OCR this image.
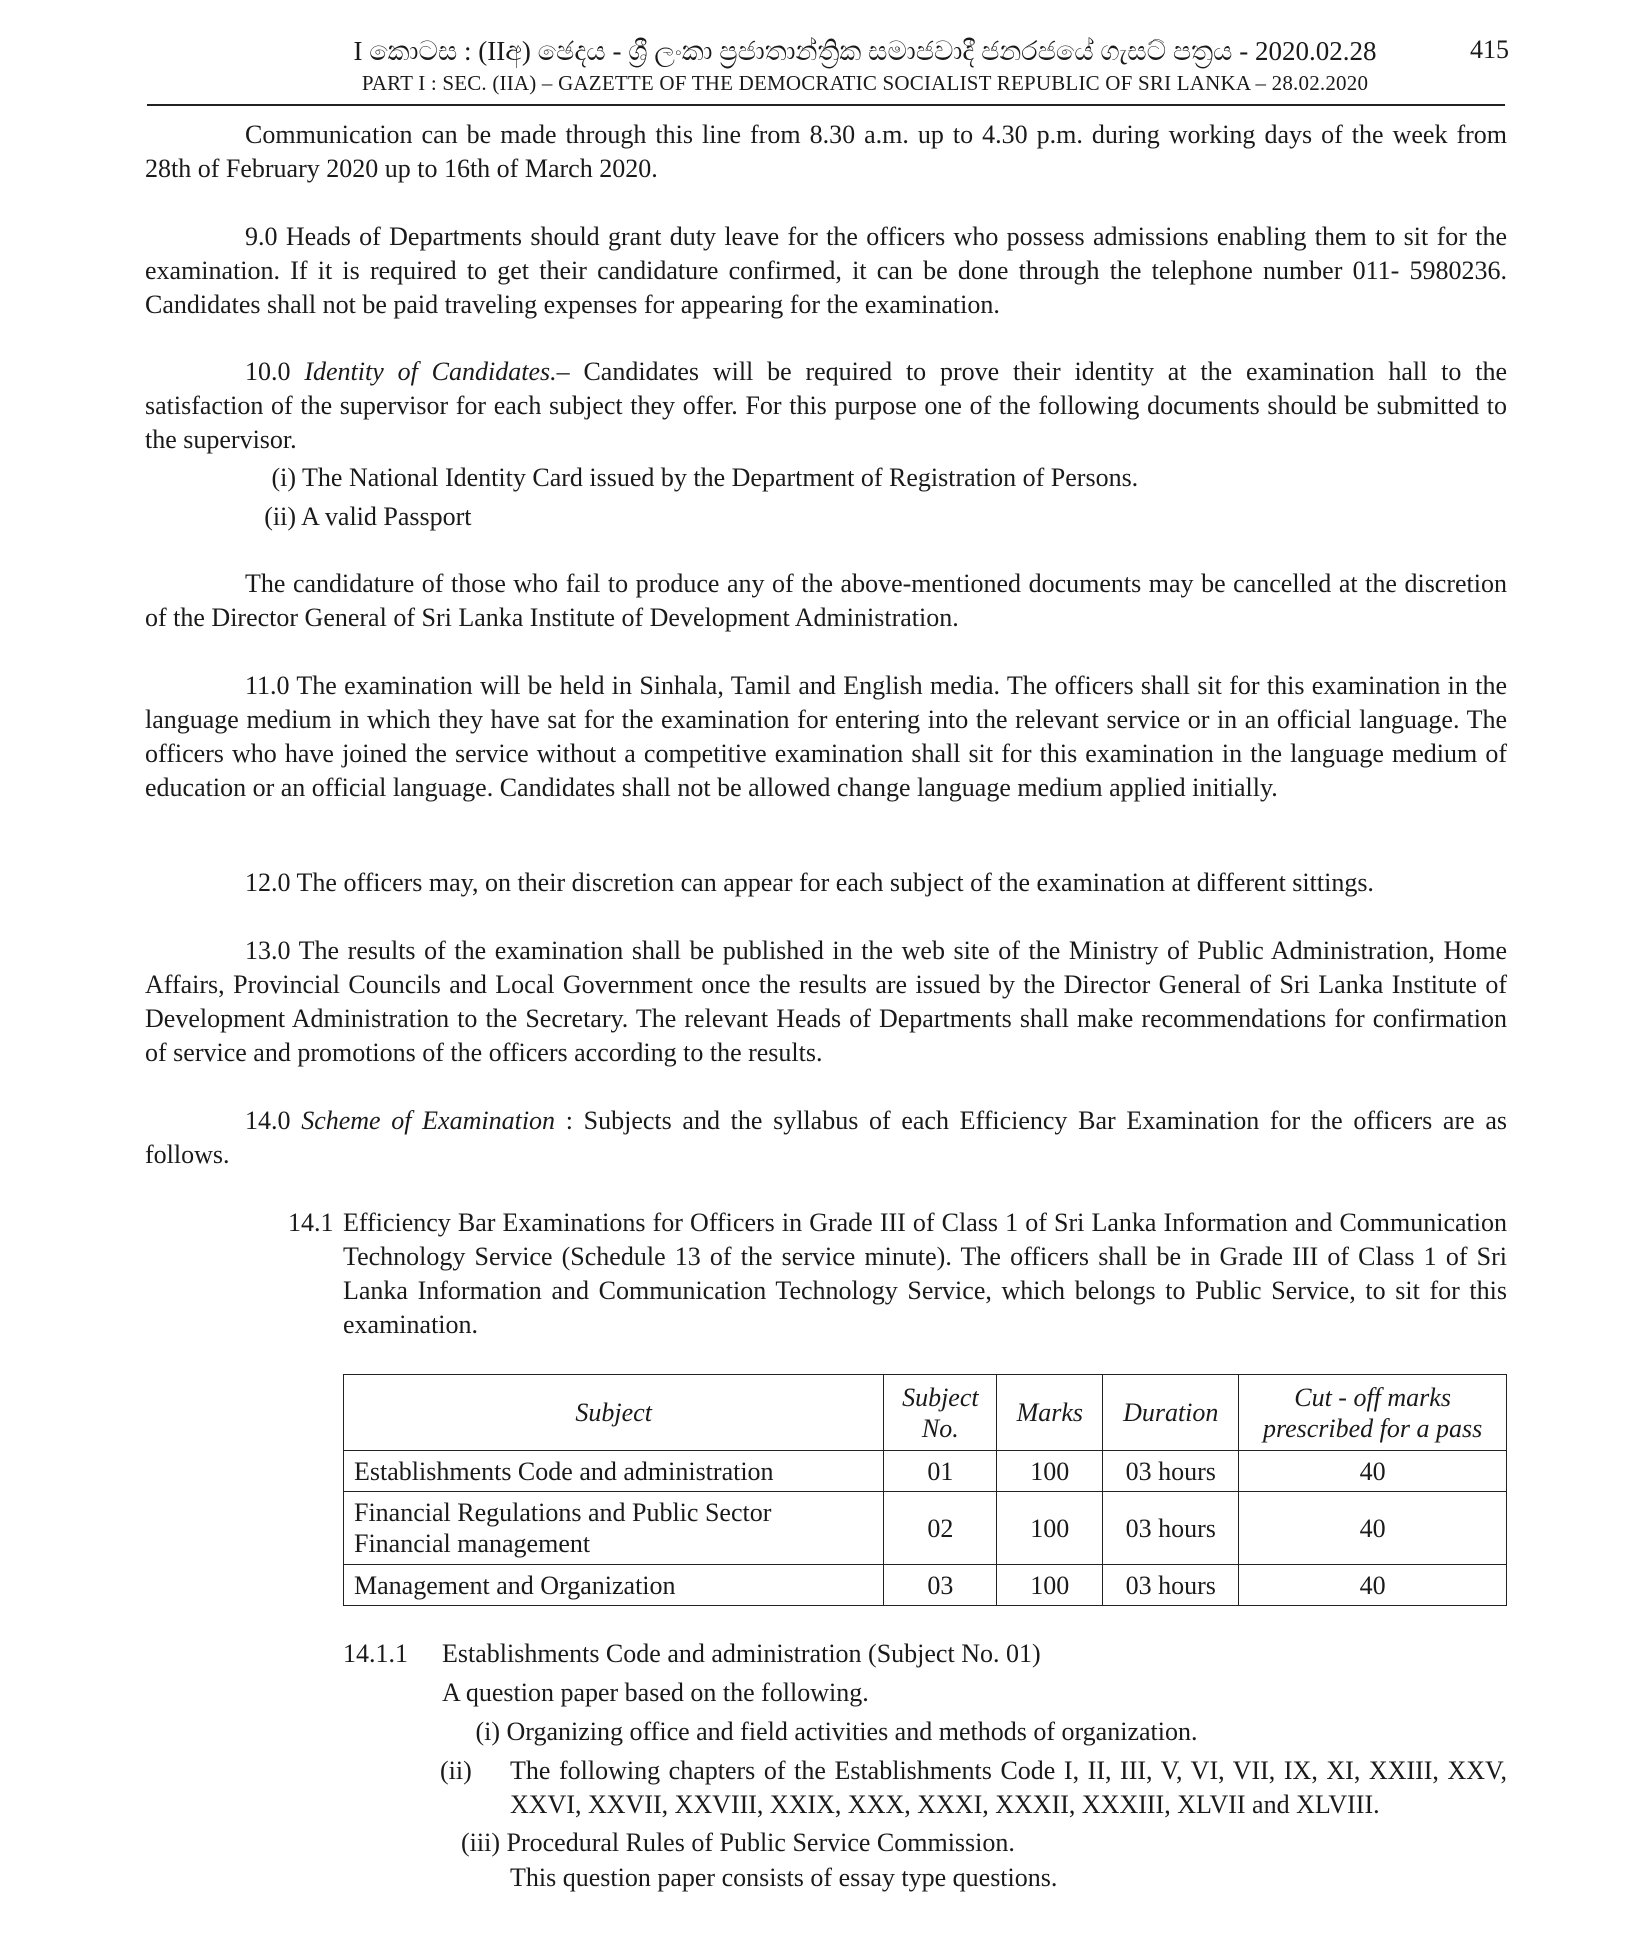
I කොටස : (IIඅ) ඡෙදය - ශ්‍රී ලංකා ප්‍රජාතාන්ත්‍රික සමාජවාදී ජනරජයේ ගැසට් පත්‍රය - 2020.02.28	415
PART I : SEC. (IIA) – GAZETTE OF THE DEMOCRATIC SOCIALIST REPUBLIC OF SRI LANKA – 28.02.2020
Communication can be made through this line from 8.30 a.m. up to 4.30 p.m. during working days of the week from 28th of February 2020 up to 16th of March 2020.
9.0 Heads of Departments should grant duty leave for the officers who possess admissions enabling them to sit for the examination. If it is required to get their candidature confirmed, it can be done through the telephone number 011- 5980236. Candidates shall not be paid traveling expenses for appearing for the examination.
10.0 Identity of Candidates.– Candidates will be required to prove their identity at the examination hall to the satisfaction of the supervisor for each subject they offer. For this purpose one of the following documents should be submitted to the supervisor.
(i) The National Identity Card issued by the Department of Registration of Persons.
(ii) A valid Passport
The candidature of those who fail to produce any of the above-mentioned documents may be cancelled at the discretion of the Director General of Sri Lanka Institute of Development Administration.
11.0 The examination will be held in Sinhala, Tamil and English media. The officers shall sit for this examination in the language medium in which they have sat for the examination for entering into the relevant service or in an official language. The officers who have joined the service without a competitive examination shall sit for this examination in the language medium of education or an official language. Candidates shall not be allowed change language medium applied initially.
12.0 The officers may, on their discretion can appear for each subject of the examination at different sittings.
13.0 The results of the examination shall be published in the web site of the Ministry of Public Administration, Home Affairs, Provincial Councils and Local Government once the results are issued by the Director General of Sri Lanka Institute of Development Administration to the Secretary. The relevant Heads of Departments shall make recommendations for confirmation of service and promotions of the officers according to the results.
14.0 Scheme of Examination : Subjects and the syllabus of each Efficiency Bar Examination for the officers are as follows.
14.1 Efficiency Bar Examinations for Officers in Grade III of Class 1 of Sri Lanka Information and Communication Technology Service (Schedule 13 of the service minute). The officers shall be in Grade III of Class 1 of Sri Lanka Information and Communication Technology Service, which belongs to Public Service, to sit for this examination.
Subject	Subject No.	Marks	Duration	Cut - off marks prescribed for a pass
Establishments Code and administration	01	100	03 hours	40
Financial Regulations and Public Sector Financial management	02	100	03 hours	40
Management and Organization	03	100	03 hours	40
14.1.1 Establishments Code and administration (Subject No. 01)
A question paper based on the following.
(i) Organizing office and field activities and methods of organization.
(ii) The following chapters of the Establishments Code I, II, III, V, VI, VII, IX, XI, XXIII, XXV, XXVI, XXVII, XXVIII, XXIX, XXX, XXXI, XXXII, XXXIII, XLVII and XLVIII.
(iii) Procedural Rules of Public Service Commission.
This question paper consists of essay type questions.
